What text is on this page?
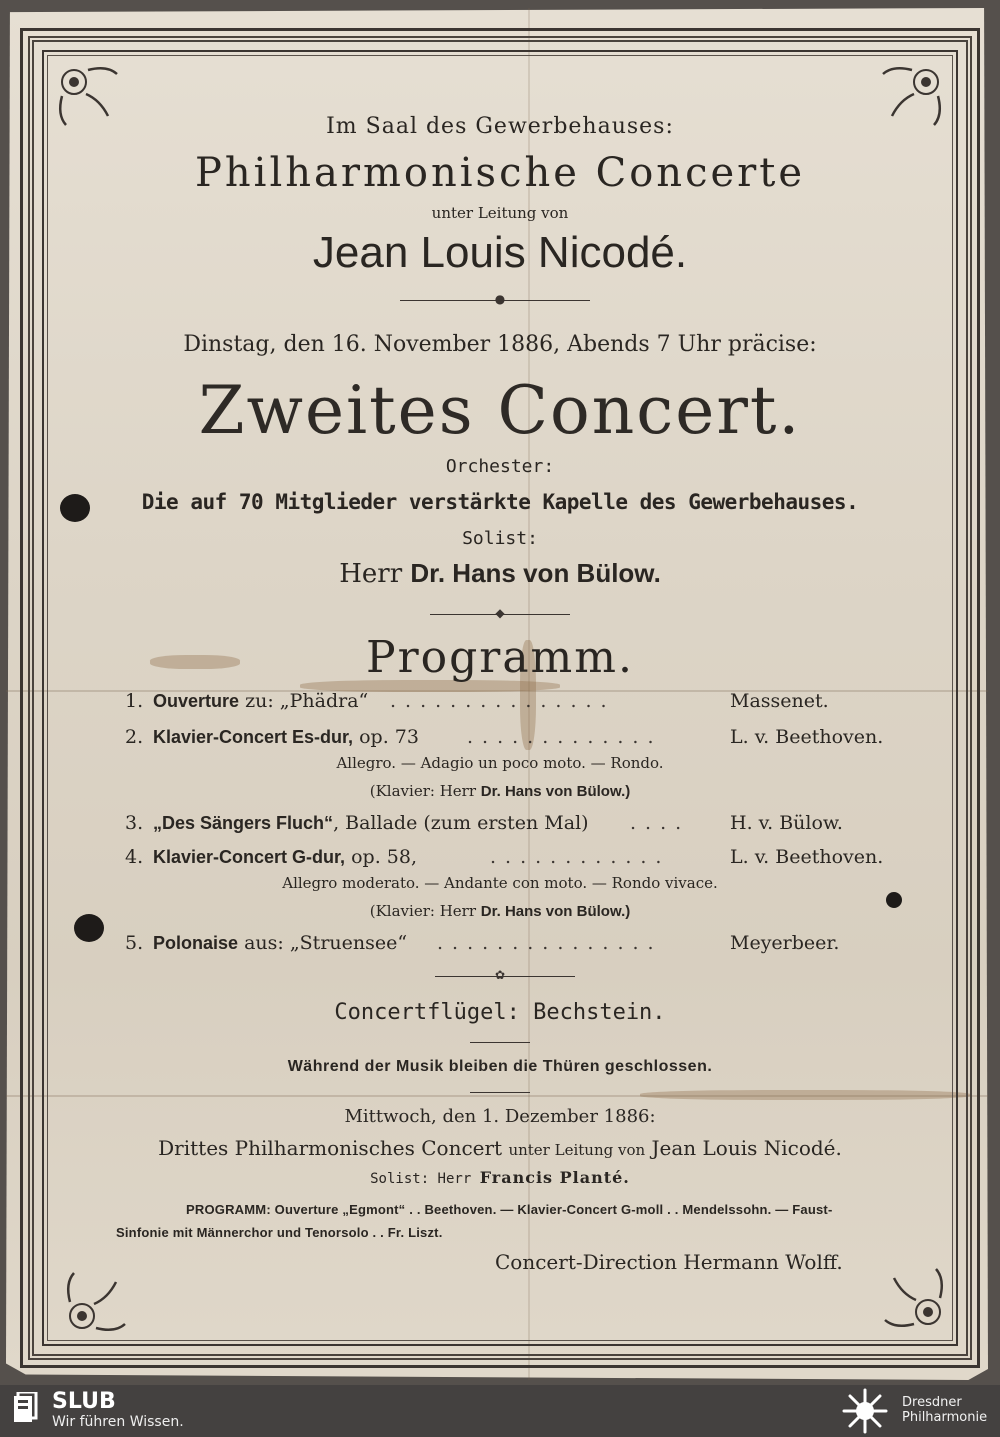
Im Saal des Gewerbehauses:
Philharmonische Concerte
unter Leitung von
Jean Louis Nicodé.
●
Dinstag, den 16. November 1886, Abends 7 Uhr präcise:
Zweites Concert.
Orchester:
Die auf 70 Mitglieder verstärkte Kapelle des Gewerbehauses.
Solist:
Herr Dr. Hans von Bülow.
◆
Programm.
1. Ouverture zu: „Phädra“ ...............	Massenet.
2. Klavier-Concert Es-dur, op. 73	.............	L. v. Beethoven.
Allegro. — Adagio un poco moto. — Rondo.
(Klavier: Herr Dr. Hans von Bülow.)
3. „Des Sängers Fluch“, Ballade (zum ersten Mal) .... H. v. Bülow.
4. Klavier-Concert G-dur, op. 58,	............	L. v. Beethoven.
Allegro moderato. — Andante con moto. — Rondo vivace.
(Klavier: Herr Dr. Hans von Bülow.)
5. Polonaise aus: „Struensee“ ...............	Meyerbeer.
✿
Concertflügel: Bechstein.
Während der Musik bleiben die Thüren geschlossen.
Mittwoch, den 1. Dezember 1886:
Drittes Philharmonisches Concert unter Leitung von Jean Louis Nicodé.
Solist: Herr Francis Planté.
PROGRAMM: Ouverture „Egmont“ . . Beethoven. — Klavier-Concert G-moll . . Mendelssohn. — Faust-
Sinfonie mit Männerchor und Tenorsolo . . Fr. Liszt.
Concert-Direction Hermann Wolff.
SLUB
Wir führen Wissen.
Dresdner
Philharmonie
